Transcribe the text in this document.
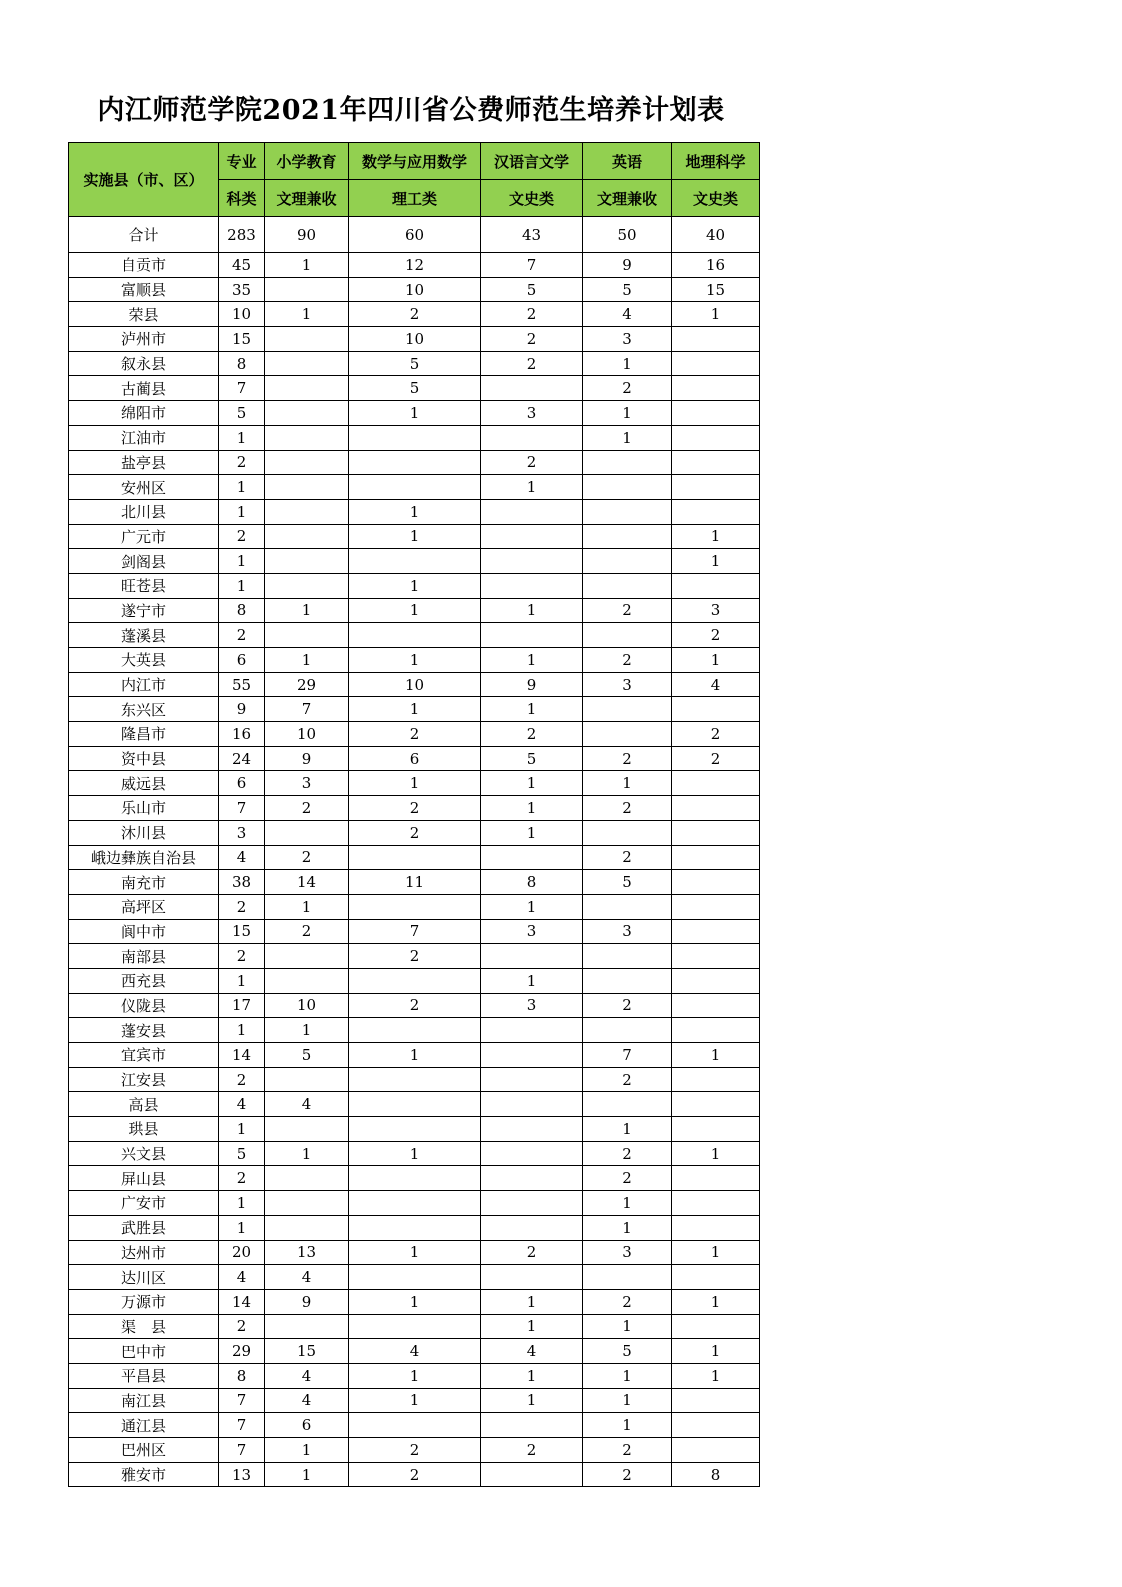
内江师范学院2021年四川省公费师范生培养计划表
实施县（市、区）	专业	小学教育	数学与应用数学	汉语言文学	英语	地理科学
	科类	文理兼收	理工类	文史类	文理兼收	文史类
合计	283	90	60	43	50	40
自贡市	45	1	12	7	9	16
富顺县	35		10	5	5	15
荣县	10	1	2	2	4	1
泸州市	15		10	2	3	
叙永县	8		5	2	1	
古蔺县	7		5		2	
绵阳市	5		1	3	1	
江油市	1				1	
盐亭县	2			2		
安州区	1			1		
北川县	1		1			
广元市	2		1			1
剑阁县	1					1
旺苍县	1		1			
遂宁市	8	1	1	1	2	3
蓬溪县	2					2
大英县	6	1	1	1	2	1
内江市	55	29	10	9	3	4
东兴区	9	7	1	1		
隆昌市	16	10	2	2		2
资中县	24	9	6	5	2	2
威远县	6	3	1	1	1	
乐山市	7	2	2	1	2	
沐川县	3		2	1		
峨边彝族自治县	4	2			2	
南充市	38	14	11	8	5	
高坪区	2	1		1		
阆中市	15	2	7	3	3	
南部县	2		2			
西充县	1			1		
仪陇县	17	10	2	3	2	
蓬安县	1	1				
宜宾市	14	5	1		7	1
江安县	2				2	
高县	4	4				
珙县	1				1	
兴文县	5	1	1		2	1
屏山县	2				2	
广安市	1				1	
武胜县	1				1	
达州市	20	13	1	2	3	1
达川区	4	4				
万源市	14	9	1	1	2	1
渠　县	2			1	1	
巴中市	29	15	4	4	5	1
平昌县	8	4	1	1	1	1
南江县	7	4	1	1	1	
通江县	7	6			1	
巴州区	7	1	2	2	2	
雅安市	13	1	2		2	8
